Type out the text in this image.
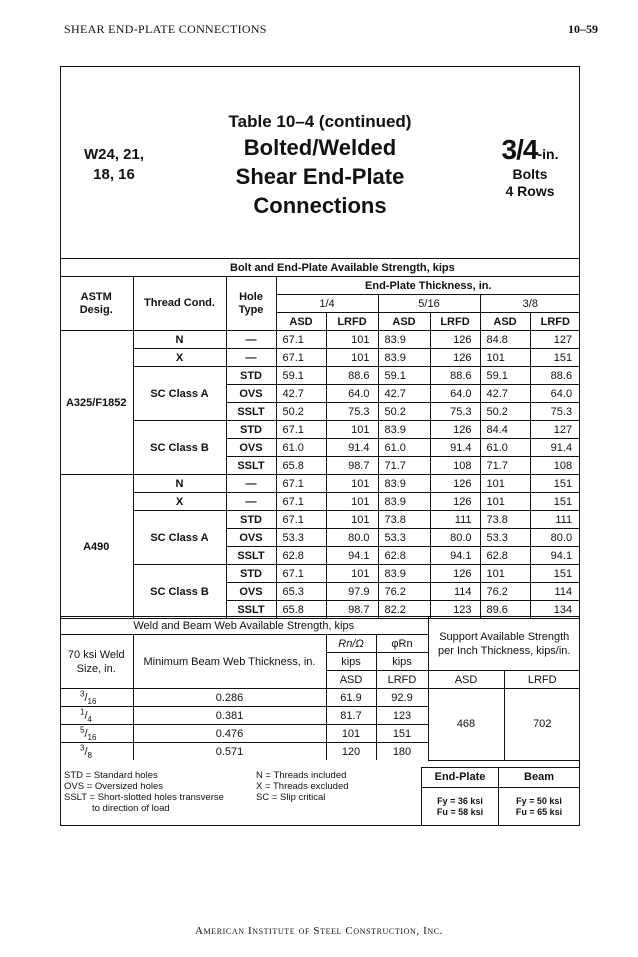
SHEAR END-PLATE CONNECTIONS	10–59
W24, 21,
18, 16
Table 10–4 (continued)
Bolted/Welded
Shear End-Plate
Connections
3/4-in.
Bolts
4 Rows
		Bolt and End-Plate Available Strength, kips						
ASTM Desig.	Thread Cond.	Hole Type	End-Plate Thickness, in.					
			1/4		5/16		3/8	
			ASD	LRFD	ASD	LRFD	ASD	LRFD
A325/F1852	N	—	67.1	101	83.9	126	84.8	127
	X	—	67.1	101	83.9	126	101	151
	SC Class A	STD	59.1	88.6	59.1	88.6	59.1	88.6
		OVS	42.7	64.0	42.7	64.0	42.7	64.0
		SSLT	50.2	75.3	50.2	75.3	50.2	75.3
	SC Class B	STD	67.1	101	83.9	126	84.4	127
		OVS	61.0	91.4	61.0	91.4	61.0	91.4
		SSLT	65.8	98.7	71.7	108	71.7	108
A490	N	—	67.1	101	83.9	126	101	151
	X	—	67.1	101	83.9	126	101	151
	SC Class A	STD	67.1	101	73.8	111	73.8	111
		OVS	53.3	80.0	53.3	80.0	53.3	80.0
		SSLT	62.8	94.1	62.8	94.1	62.8	94.1
	SC Class B	STD	67.1	101	83.9	126	101	151
		OVS	65.3	97.9	76.2	114	76.2	114
		SSLT	65.8	98.7	82.2	123	89.6	134
Weld and Beam Web Available Strength, kips				Support Available Strength per Inch Thickness, kips/in.	
70 ksi Weld Size, in.	Minimum Beam Web Thickness, in.	Rn/Ω	φRn		
		kips	kips		
		ASD	LRFD	ASD	LRFD
$^3/_{16}$	0.286	61.9	92.9	468	702
$^1/_4$	0.381	81.7	123		
$^5/_{16}$	0.476	101	151		
$^3/_8$	0.571	120	180		
STD = Standard holes
OVS = Oversized holes
SSLT = Short-slotted holes transverse
to direction of load
N = Threads included
X = Threads excluded
SC = Slip critical
End-Plate	Beam
Fy = 36 ksi
Fu = 58 ksi
Fy = 50 ksi
Fu = 65 ksi
American Institute of Steel Construction, Inc.
